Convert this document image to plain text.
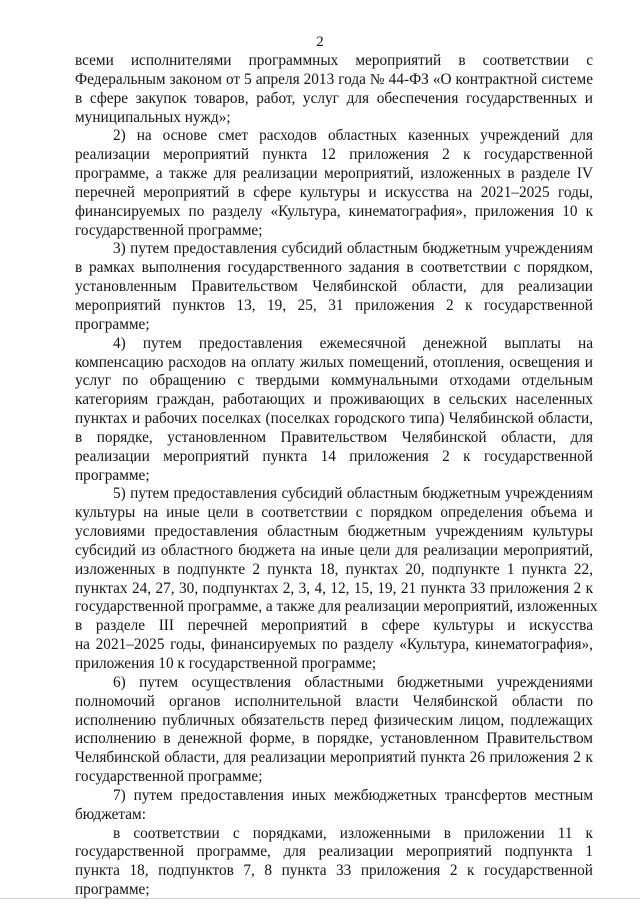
2
всеми исполнителями программных мероприятий в соответствии с
Федеральным законом от 5 апреля 2013 года № 44-ФЗ «О контрактной системе
в сфере закупок товаров, работ, услуг для обеспечения государственных и
муниципальных нужд»;
2) на основе смет расходов областных казенных учреждений для
реализации мероприятий пункта 12 приложения 2 к государственной
программе, а также для реализации мероприятий, изложенных в разделе IV
перечней мероприятий в сфере культуры и искусства на 2021–2025 годы,
финансируемых по разделу «Культура, кинематография», приложения 10 к
государственной программе;
3) путем предоставления субсидий областным бюджетным учреждениям
в рамках выполнения государственного задания в соответствии с порядком,
установленным Правительством Челябинской области, для реализации
мероприятий пунктов 13, 19, 25, 31 приложения 2 к государственной
программе;
4) путем предоставления ежемесячной денежной выплаты на
компенсацию расходов на оплату жилых помещений, отопления, освещения и
услуг по обращению с твердыми коммунальными отходами отдельным
категориям граждан, работающих и проживающих в сельских населенных
пунктах и рабочих поселках (поселках городского типа) Челябинской области,
в порядке, установленном Правительством Челябинской области, для
реализации мероприятий пункта 14 приложения 2 к государственной
программе;
5) путем предоставления субсидий областным бюджетным учреждениям
культуры на иные цели в соответствии с порядком определения объема и
условиями предоставления областным бюджетным учреждениям культуры
субсидий из областного бюджета на иные цели для реализации мероприятий,
изложенных в подпункте 2 пункта 18, пунктах 20, подпункте 1 пункта 22,
пунктах 24, 27, 30, подпунктах 2, 3, 4, 12, 15, 19, 21 пункта 33 приложения 2 к
государственной программе, а также для реализации мероприятий, изложенных
в разделе III перечней мероприятий в сфере культуры и искусства
на 2021–2025 годы, финансируемых по разделу «Культура, кинематография»,
приложения 10 к государственной программе;
6) путем осуществления областными бюджетными учреждениями
полномочий органов исполнительной власти Челябинской области по
исполнению публичных обязательств перед физическим лицом, подлежащих
исполнению в денежной форме, в порядке, установленном Правительством
Челябинской области, для реализации мероприятий пункта 26 приложения 2 к
государственной программе;
7) путем предоставления иных межбюджетных трансфертов местным
бюджетам:
в соответствии с порядками, изложенными в приложении 11 к
государственной программе, для реализации мероприятий подпункта 1
пункта 18, подпунктов 7, 8 пункта 33 приложения 2 к государственной
программе;
